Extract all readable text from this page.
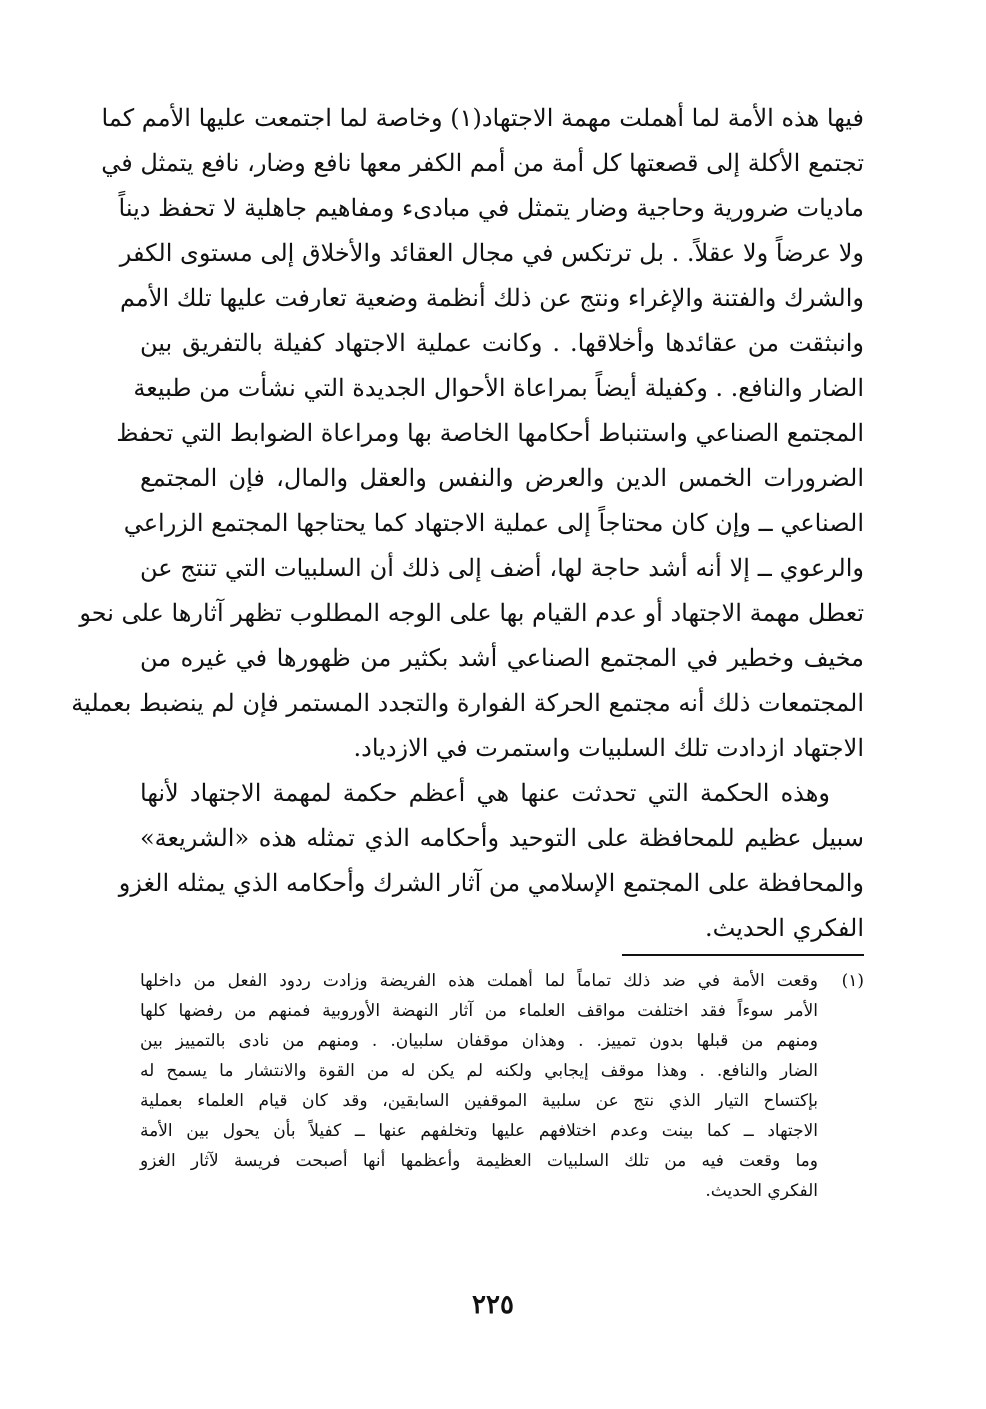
فيها هذه الأمة لما أهملت مهمة الاجتهاد(١) وخاصة لما اجتمعت عليها الأمم كما
تجتمع الأكلة إلى قصعتها كل أمة من أمم الكفر معها نافع وضار، نافع يتمثل في
ماديات ضرورية وحاجية وضار يتمثل في مبادىء ومفاهيم جاهلية لا تحفظ ديناً
ولا عرضاً ولا عقلاً. . بل ترتكس في مجال العقائد والأخلاق إلى مستوى الكفر
والشرك والفتنة والإغراء ونتج عن ذلك أنظمة وضعية تعارفت عليها تلك الأمم
وانبثقت من عقائدها وأخلاقها. . وكانت عملية الاجتهاد كفيلة بالتفريق بين
الضار والنافع. . وكفيلة أيضاً بمراعاة الأحوال الجديدة التي نشأت من طبيعة
المجتمع الصناعي واستنباط أحكامها الخاصة بها ومراعاة الضوابط التي تحفظ
الضرورات الخمس الدين والعرض والنفس والعقل والمال، فإن المجتمع
الصناعي ــ وإن كان محتاجاً إلى عملية الاجتهاد كما يحتاجها المجتمع الزراعي
والرعوي ــ إلا أنه أشد حاجة لها، أضف إلى ذلك أن السلبيات التي تنتج عن
تعطل مهمة الاجتهاد أو عدم القيام بها على الوجه المطلوب تظهر آثارها على نحو
مخيف وخطير في المجتمع الصناعي أشد بكثير من ظهورها في غيره من
المجتمعات ذلك أنه مجتمع الحركة الفوارة والتجدد المستمر فإن لم ينضبط بعملية
الاجتهاد ازدادت تلك السلبيات واستمرت في الازدياد.
وهذه الحكمة التي تحدثت عنها هي أعظم حكمة لمهمة الاجتهاد لأنها
سبيل عظيم للمحافظة على التوحيد وأحكامه الذي تمثله هذه «الشريعة»
والمحافظة على المجتمع الإسلامي من آثار الشرك وأحكامه الذي يمثله الغزو
الفكري الحديث.
(١)وقعت الأمة في ضد ذلك تماماً لما أهملت هذه الفريضة وزادت ردود الفعل من داخلها
الأمر سوءاً فقد اختلفت مواقف العلماء من آثار النهضة الأوروبية فمنهم من رفضها كلها
ومنهم من قبلها بدون تمييز. . وهذان موقفان سلبيان. . ومنهم من نادى بالتمييز بين
الضار والنافع. . وهذا موقف إيجابي ولكنه لم يكن له من القوة والانتشار ما يسمح له
بإكتساح التيار الذي نتج عن سلبية الموقفين السابقين، وقد كان قيام العلماء بعملية
الاجتهاد ــ كما بينت وعدم اختلافهم عليها وتخلفهم عنها ــ كفيلاً بأن يحول بين الأمة
وما وقعت فيه من تلك السلبيات العظيمة وأعظمها أنها أصبحت فريسة لآثار الغزو
الفكري الحديث.
٢٢٥
